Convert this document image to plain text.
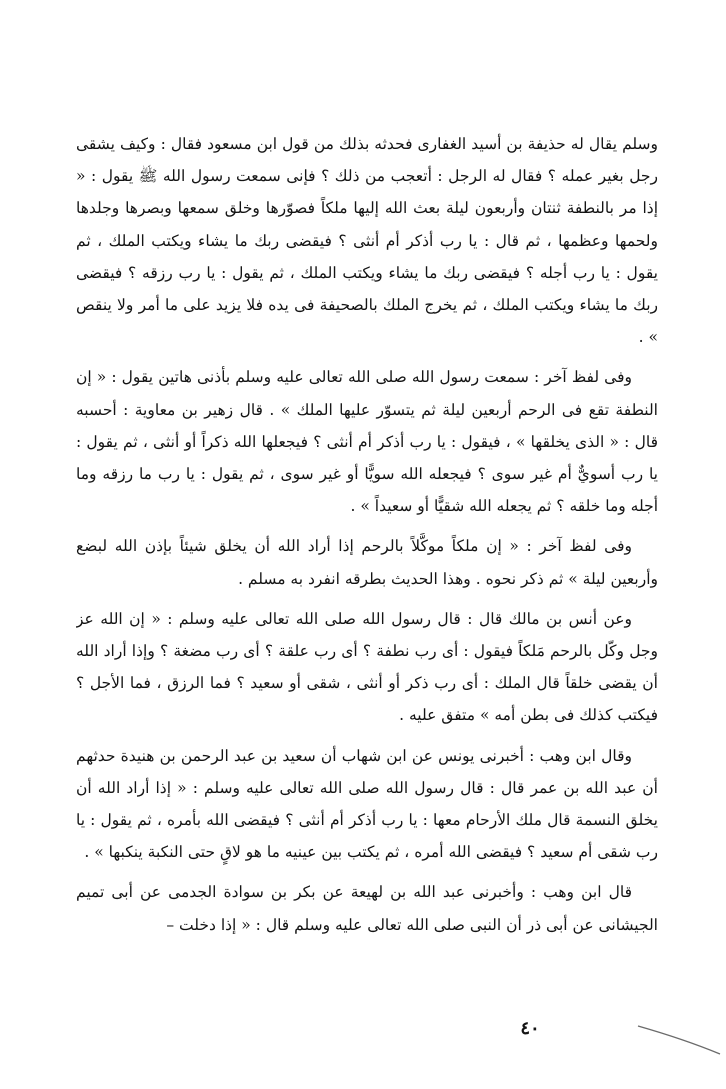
وسلم يقال له حذيفة بن أسيد الغفارى فحدثه بذلك من قول ابن مسعود فقال : وكيف يشقى رجل بغير عمله ؟ فقال له الرجل : أتعجب من ذلك ؟ فإنى سمعت رسول الله ﷺ يقول : « إذا مر بالنطفة ثنتان وأربعون ليلة بعث الله إليها ملكاً فصوّرها وخلق سمعها وبصرها وجلدها ولحمها وعظمها ، ثم قال : يا رب أذكر أم أنثى ؟ فيقضى ربك ما يشاء ويكتب الملك ، ثم يقول : يا رب أجله ؟ فيقضى ربك ما يشاء ويكتب الملك ، ثم يقول : يا رب رزقه ؟ فيقضى ربك ما يشاء ويكتب الملك ، ثم يخرج الملك بالصحيفة فى يده فلا يزيد على ما أمر ولا ينقص » .

وفى لفظ آخر : سمعت رسول الله صلى الله تعالى عليه وسلم بأذنى هاتين يقول : « إن النطفة تقع فى الرحم أربعين ليلة ثم يتسوّر عليها الملك » . قال زهير بن معاوية : أحسبه قال : « الذى يخلقها » ، فيقول : يا رب أذكر أم أنثى ؟ فيجعلها الله ذكراً أو أنثى ، ثم يقول : يا رب أسويٌّ أم غير سوى ؟ فيجعله الله سويًّا أو غير سوى ، ثم يقول : يا رب ما رزقه وما أجله وما خلقه ؟ ثم يجعله الله شقيًّا أو سعيداً » .

وفى لفظ آخر : « إن ملكاً موكَّلاً بالرحم إذا أراد الله أن يخلق شيئاً بإذن الله لبضع وأربعين ليلة » ثم ذكر نحوه . وهذا الحديث بطرقه انفرد به مسلم .

وعن أنس بن مالك قال : قال رسول الله صلى الله تعالى عليه وسلم : « إن الله عز وجل وكّل بالرحم مَلكاً فيقول : أى رب نطفة ؟ أى رب علقة ؟ أى رب مضغة ؟ وإذا أراد الله أن يقضى خلقاً قال الملك : أى رب ذكر أو أنثى ، شقى أو سعيد ؟ فما الرزق ، فما الأجل ؟ فيكتب كذلك فى بطن أمه » متفق عليه .

وقال ابن وهب : أخبرنى يونس عن ابن شهاب أن سعيد بن عبد الرحمن بن هنيدة حدثهم أن عبد الله بن عمر قال : قال رسول الله صلى الله تعالى عليه وسلم : « إذا أراد الله أن يخلق النسمة قال ملك الأرحام معها : يا رب أذكر أم أنثى ؟ فيقضى الله بأمره ، ثم يقول : يا رب شقى أم سعيد ؟ فيقضى الله أمره ، ثم يكتب بين عينيه ما هو لاقٍ حتى النكبة ينكبها » .

قال ابن وهب : وأخبرنى عبد الله بن لهيعة عن بكر بن سوادة الجدمى عن أبى تميم الجيشانى عن أبى ذر أن النبى صلى الله تعالى عليه وسلم قال : « إذا دخلت –

٤٠
